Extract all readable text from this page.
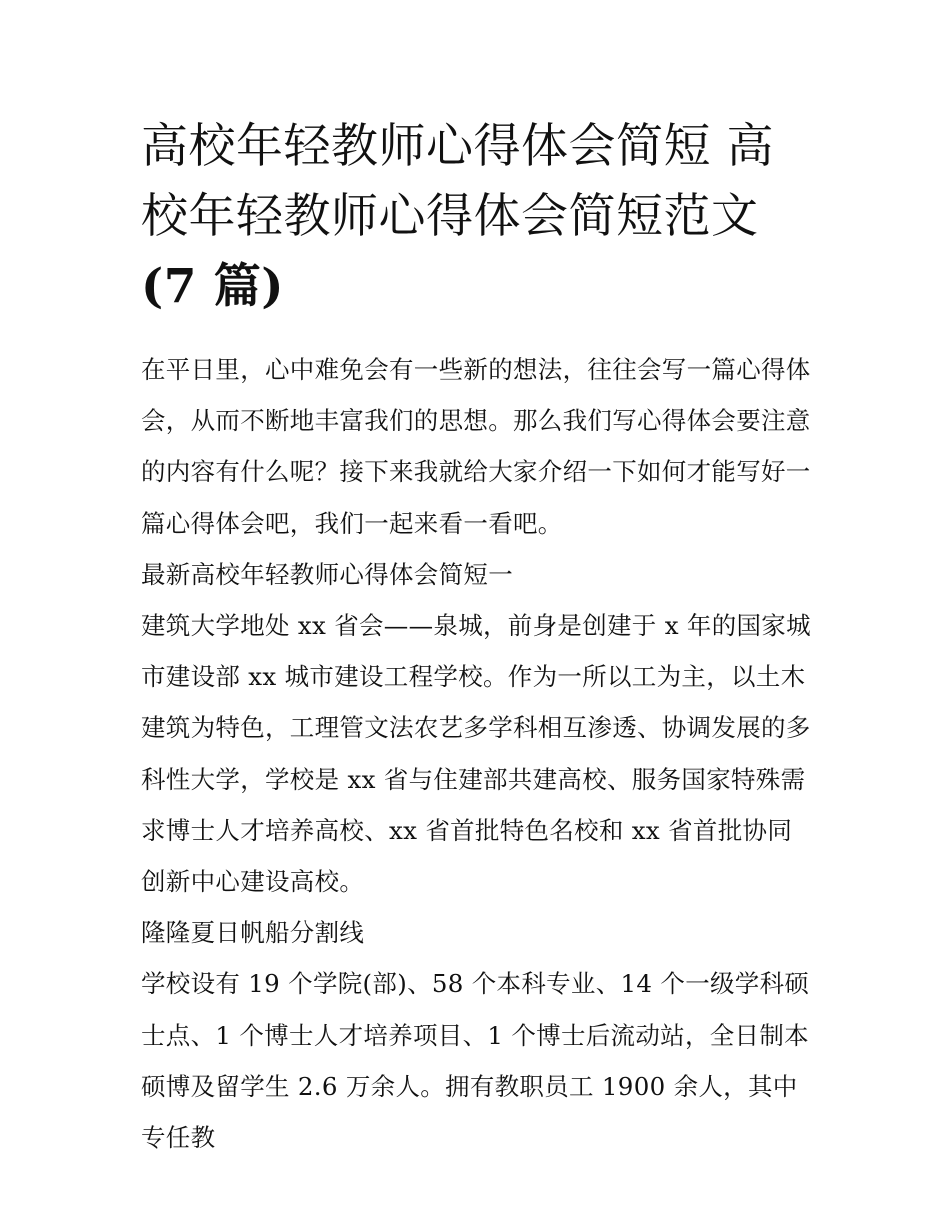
高校年轻教师心得体会简短 高
校年轻教师心得体会简短范文
(7 篇)

在平日里，心中难免会有一些新的想法，往往会写一篇心得体会，从而不断地丰富我们的思想。那么我们写心得体会要注意的内容有什么呢？接下来我就给大家介绍一下如何才能写好一篇心得体会吧，我们一起来看一看吧。

最新高校年轻教师心得体会简短一

建筑大学地处 xx 省会——泉城，前身是创建于 x 年的国家城市建设部 xx 城市建设工程学校。作为一所以工为主，以土木建筑为特色，工理管文法农艺多学科相互渗透、协调发展的多科性大学，学校是 xx 省与住建部共建高校、服务国家特殊需求博士人才培养高校、xx 省首批特色名校和 xx 省首批协同创新中心建设高校。

隆隆夏日帆船分割线

学校设有 19 个学院(部)、58 个本科专业、14 个一级学科硕士点、1 个博士人才培养项目、1 个博士后流动站，全日制本硕博及留学生 2.6 万余人。拥有教职员工 1900 余人，其中专任教
